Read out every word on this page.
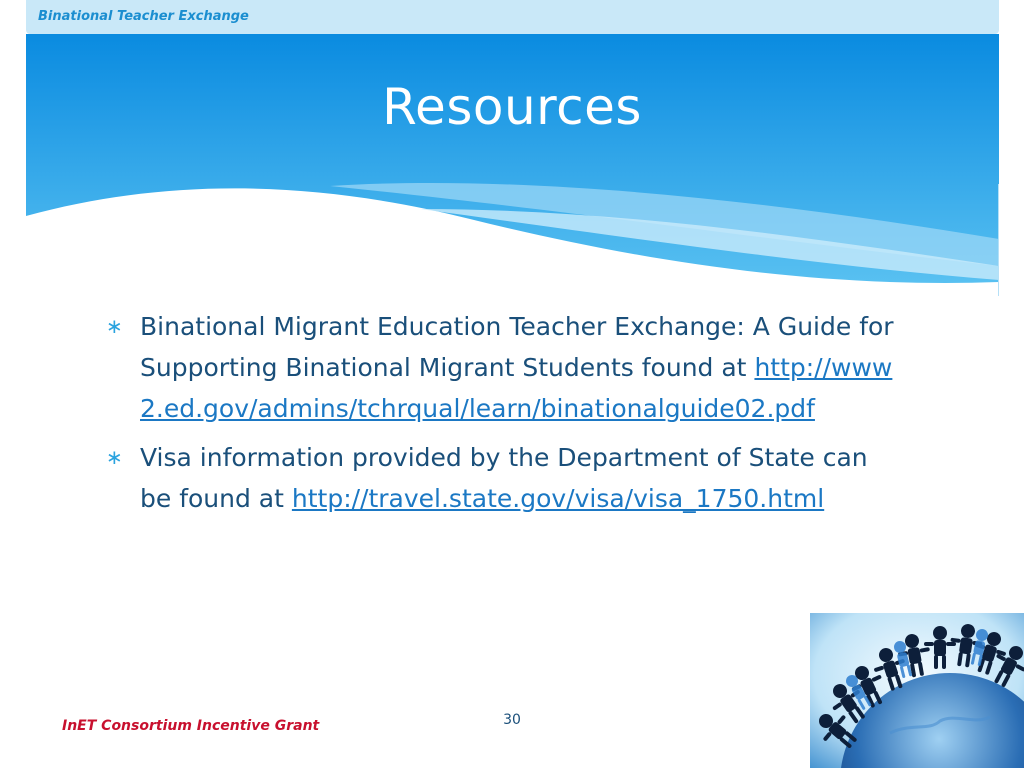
Binational Teacher Exchange
Resources
∗ Binational Migrant Education Teacher Exchange: A Guide for Supporting Binational Migrant Students found at http://www2.ed.gov/admins/tchrqual/learn/binationalguide02.pdf
∗ Visa information provided by the Department of State can be found at http://travel.state.gov/visa/visa_1750.html
InET Consortium Incentive Grant	30
